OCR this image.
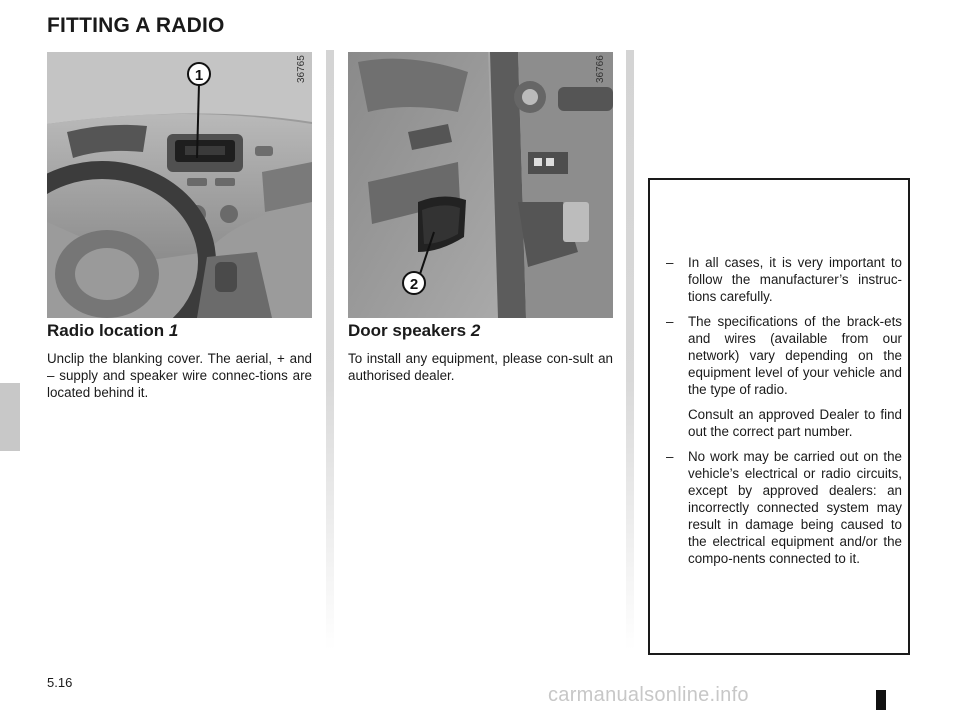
FITTING A RADIO
1	36765
2
36766
Radio location 1

Unclip the blanking cover. The aerial, + and – supply and speaker wire connec-tions are located behind it.

Door speakers 2

To install any equipment, please con-sult an authorised dealer.

– In all cases, it is very important to follow the manufacturer’s instruc-tions carefully.
– The specifications of the brack-ets and wires (available from our network) vary depending on the equipment level of your vehicle and the type of radio.
Consult an approved Dealer to find out the correct part number.
– No work may be carried out on the vehicle’s electrical or radio circuits, except by approved dealers: an incorrectly connected system may result in damage being caused to the electrical equipment and/or the compo-nents connected to it.
5.16
carmanualsonline.info
